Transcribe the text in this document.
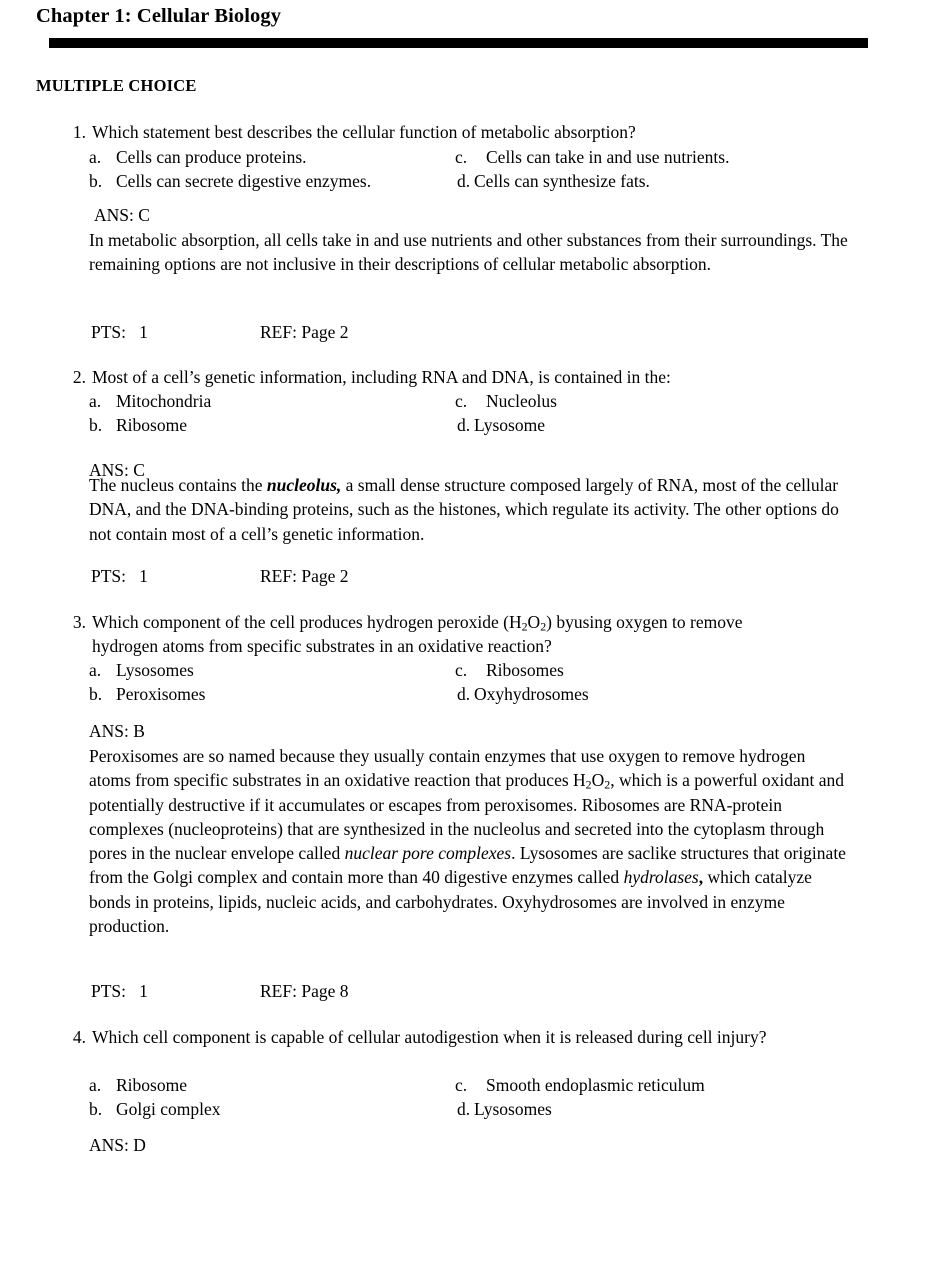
Chapter 1: Cellular Biology
MULTIPLE CHOICE
1. Which statement best describes the cellular function of metabolic absorption?
a. Cells can produce proteins.
b. Cells can secrete digestive enzymes.
c. Cells can take in and use nutrients.
d. Cells can synthesize fats.
ANS: C
In metabolic absorption, all cells take in and use nutrients and other substances from their surroundings. The remaining options are not inclusive in their descriptions of cellular metabolic absorption.
PTS:   1	REF: Page 2
2. Most of a cell’s genetic information, including RNA and DNA, is contained in the:
a. Mitochondria
b. Ribosome
c. Nucleolus
d. Lysosome
ANS: C
The nucleus contains the nucleolus, a small dense structure composed largely of RNA, most of the cellular DNA, and the DNA-binding proteins, such as the histones, which regulate its activity. The other options do not contain most of a cell’s genetic information.
PTS:   1	REF: Page 2
3. Which component of the cell produces hydrogen peroxide $(H_2O_2)$ byusing oxygen to remove hydrogen atoms from specific substrates in an oxidative reaction?
a. Lysosomes
b. Peroxisomes
c. Ribosomes
d. Oxyhydrosomes
ANS: B
Peroxisomes are so named because they usually contain enzymes that use oxygen to remove hydrogen atoms from specific substrates in an oxidative reaction that produces $H_2O_2$, which is a powerful oxidant and potentially destructive if it accumulates or escapes from peroxisomes. Ribosomes are RNA-protein complexes (nucleoproteins) that are synthesized in the nucleolus and secreted into the cytoplasm through pores in the nuclear envelope called nuclear pore complexes. Lysosomes are saclike structures that originate from the Golgi complex and contain more than 40 digestive enzymes called hydrolases, which catalyze bonds in proteins, lipids, nucleic acids, and carbohydrates. Oxyhydrosomes are involved in enzyme production.
PTS:   1	REF: Page 8
4. Which cell component is capable of cellular autodigestion when it is released during cell injury?
a. Ribosome
b. Golgi complex
c. Smooth endoplasmic reticulum
d. Lysosomes
ANS: D
